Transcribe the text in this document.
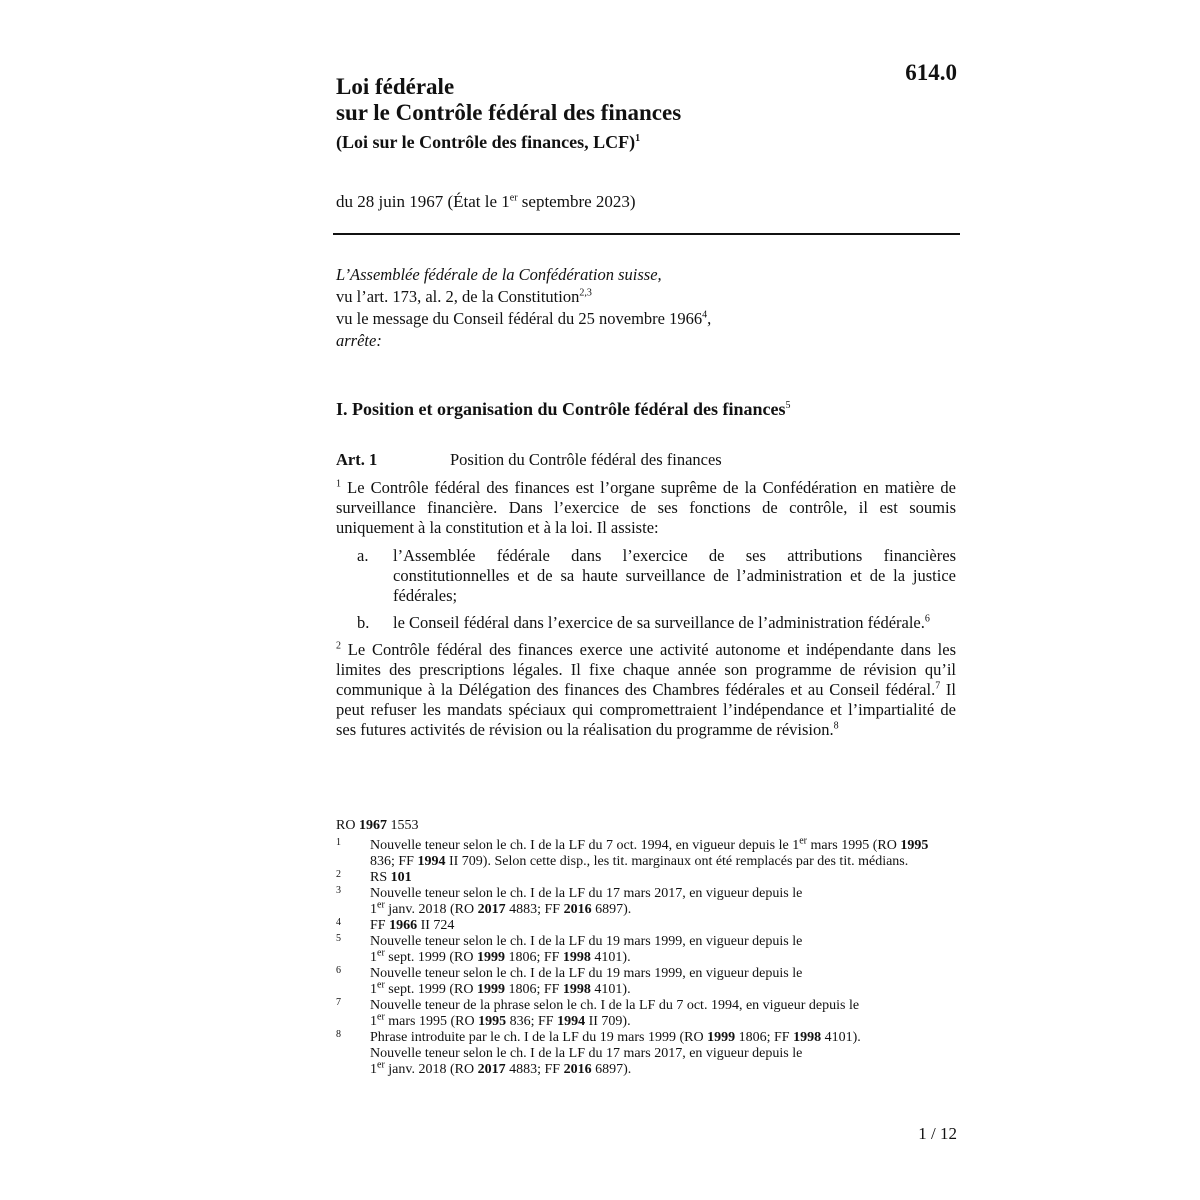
614.0
Loi fédérale
sur le Contrôle fédéral des finances
(Loi sur le Contrôle des finances, LCF)$^1$
du 28 juin 1967 (État le 1er septembre 2023)
L’Assemblée fédérale de la Confédération suisse,
vu l’art. 173, al. 2, de la Constitution$^{2,3}$
vu le message du Conseil fédéral du 25 novembre 1966$^4$,
arrête:
I. Position et organisation du Contrôle fédéral des finances$^5$
Art. 1	Position du Contrôle fédéral des finances

$^1$ Le Contrôle fédéral des finances est l’organe suprême de la Confédération en matière de surveillance financière. Dans l’exercice de ses fonctions de contrôle, il est soumis uniquement à la constitution et à la loi. Il assiste:

a.	l’Assemblée fédérale dans l’exercice de ses attributions financières constitutionnelles et de sa haute surveillance de l’administration et de la justice fédérales;
b.	le Conseil fédéral dans l’exercice de sa surveillance de l’administration fédérale.$^6$

$^2$ Le Contrôle fédéral des finances exerce une activité autonome et indépendante dans les limites des prescriptions légales. Il fixe chaque année son programme de révision qu’il communique à la Délégation des finances des Chambres fédérales et au Conseil fédéral.$^7$ Il peut refuser les mandats spéciaux qui compromettraient l’indépendance et l’impartialité de ses futures activités de révision ou la réalisation du programme de révision.$^8$

RO 1967 1553
1	Nouvelle teneur selon le ch. I de la LF du 7 oct. 1994, en vigueur depuis le 1er mars 1995 (RO 1995 836; FF 1994 II 709). Selon cette disp., les tit. marginaux ont été remplacés par des tit. médians.
2	RS 101
3	Nouvelle teneur selon le ch. I de la LF du 17 mars 2017, en vigueur depuis le
1er janv. 2018 (RO 2017 4883; FF 2016 6897).
4	FF 1966 II 724
5	Nouvelle teneur selon le ch. I de la LF du 19 mars 1999, en vigueur depuis le
1er sept. 1999 (RO 1999 1806; FF 1998 4101).
6	Nouvelle teneur selon le ch. I de la LF du 19 mars 1999, en vigueur depuis le
1er sept. 1999 (RO 1999 1806; FF 1998 4101).
7	Nouvelle teneur de la phrase selon le ch. I de la LF du 7 oct. 1994, en vigueur depuis le
1er mars 1995 (RO 1995 836; FF 1994 II 709).
8	Phrase introduite par le ch. I de la LF du 19 mars 1999 (RO 1999 1806; FF 1998 4101).
Nouvelle teneur selon le ch. I de la LF du 17 mars 2017, en vigueur depuis le
1er janv. 2018 (RO 2017 4883; FF 2016 6897).
1 / 12
